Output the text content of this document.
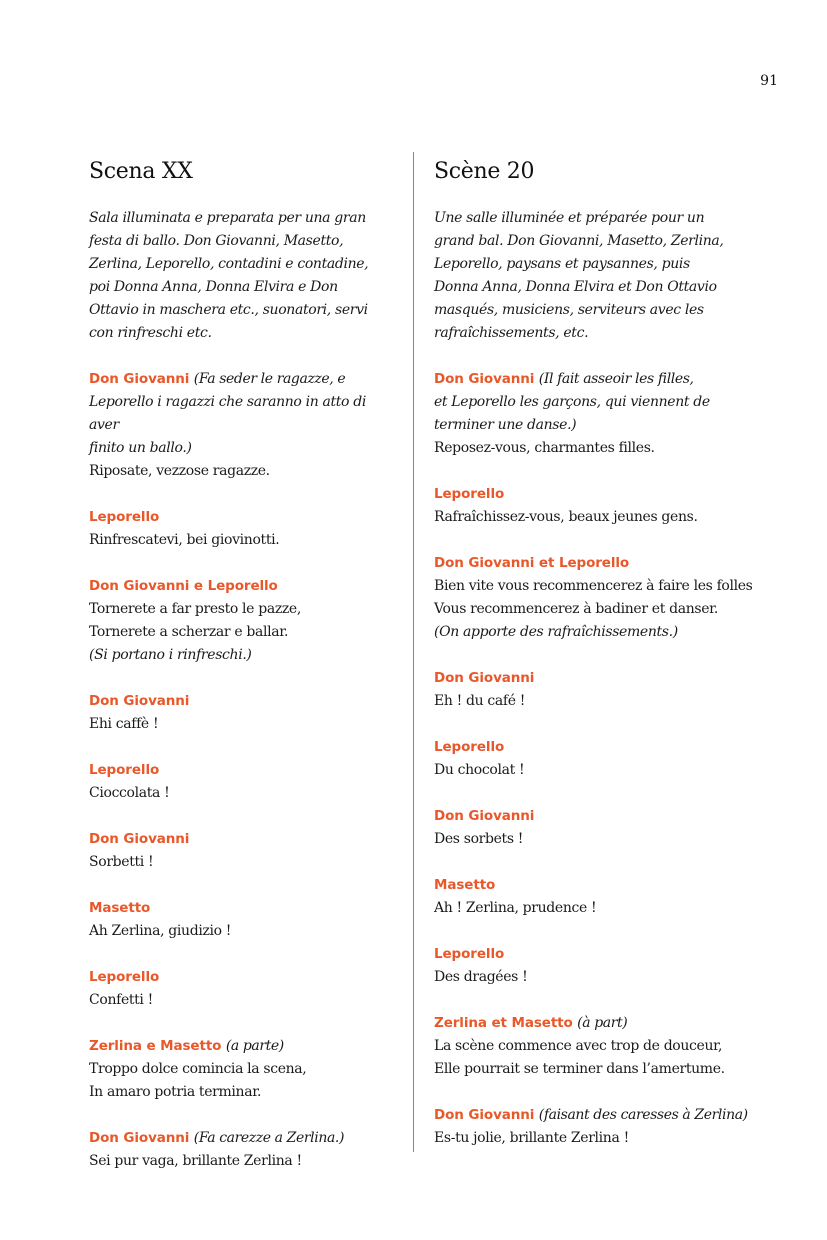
91
Scena XX
Sala illuminata e preparata per una gran
festa di ballo. Don Giovanni, Masetto,
Zerlina, Leporello, contadini e contadine,
poi Donna Anna, Donna Elvira e Don
Ottavio in maschera etc., suonatori, servi
con rinfreschi etc.
Don Giovanni (Fa seder le ragazze, e
Leporello i ragazzi che saranno in atto di aver
finito un ballo.)
Riposate, vezzose ragazze.
Leporello
Rinfrescatevi, bei giovinotti.
Don Giovanni e Leporello
Tornerete a far presto le pazze,
Tornerete a scherzar e ballar.
(Si portano i rinfreschi.)
Don Giovanni
Ehi caffè !
Leporello
Cioccolata !
Don Giovanni
Sorbetti !
Masetto
Ah Zerlina, giudizio !
Leporello
Confetti !
Zerlina e Masetto (a parte)
Troppo dolce comincia la scena,
In amaro potria terminar.
Don Giovanni (Fa carezze a Zerlina.)
Sei pur vaga, brillante Zerlina !
Scène 20
Une salle illuminée et préparée pour un
grand bal. Don Giovanni, Masetto, Zerlina,
Leporello, paysans et paysannes, puis
Donna Anna, Donna Elvira et Don Ottavio
masqués, musiciens, serviteurs avec les
rafraîchissements, etc.
Don Giovanni (Il fait asseoir les filles,
et Leporello les garçons, qui viennent de
terminer une danse.)
Reposez-vous, charmantes filles.
Leporello
Rafraîchissez-vous, beaux jeunes gens.
Don Giovanni et Leporello
Bien vite vous recommencerez à faire les folles
Vous recommencerez à badiner et danser.
(On apporte des rafraîchissements.)
Don Giovanni
Eh ! du café !
Leporello
Du chocolat !
Don Giovanni
Des sorbets !
Masetto
Ah ! Zerlina, prudence !
Leporello
Des dragées !
Zerlina et Masetto (à part)
La scène commence avec trop de douceur,
Elle pourrait se terminer dans l’amertume.
Don Giovanni (faisant des caresses à Zerlina)
Es-tu jolie, brillante Zerlina !
